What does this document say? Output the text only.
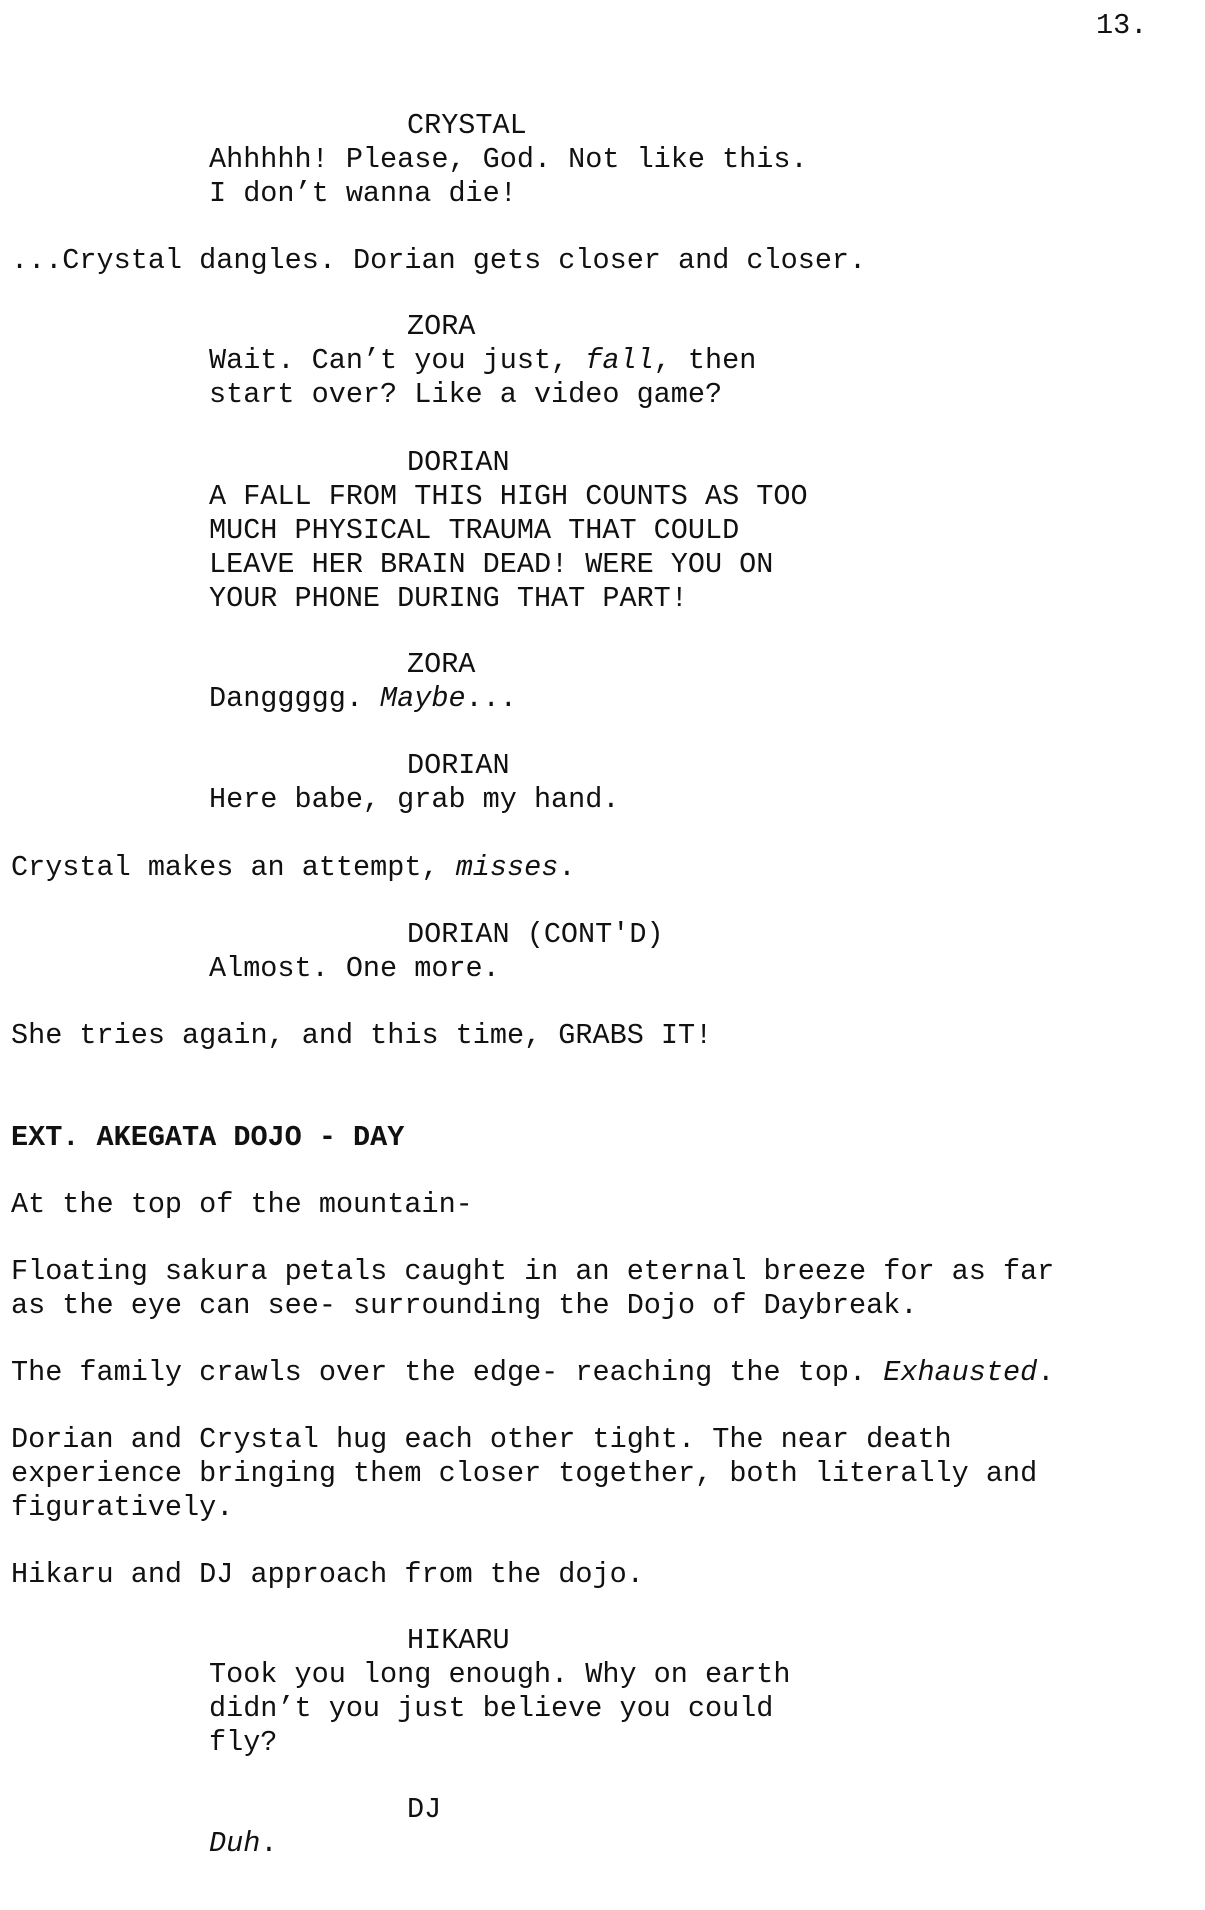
13.
CRYSTAL
Ahhhhh! Please, God. Not like this.
I don’t wanna die!
...Crystal dangles. Dorian gets closer and closer.
ZORA
Wait. Can’t you just, fall, then
start over? Like a video game?
DORIAN
A FALL FROM THIS HIGH COUNTS AS TOO
MUCH PHYSICAL TRAUMA THAT COULD
LEAVE HER BRAIN DEAD! WERE YOU ON
YOUR PHONE DURING THAT PART!
ZORA
Danggggg. Maybe...
DORIAN
Here babe, grab my hand.
Crystal makes an attempt, misses.
DORIAN (CONT'D)
Almost. One more.
She tries again, and this time, GRABS IT!
EXT. AKEGATA DOJO - DAY
At the top of the mountain-
Floating sakura petals caught in an eternal breeze for as far
as the eye can see- surrounding the Dojo of Daybreak.
The family crawls over the edge- reaching the top. Exhausted.
Dorian and Crystal hug each other tight. The near death
experience bringing them closer together, both literally and
figuratively.
Hikaru and DJ approach from the dojo.
HIKARU
Took you long enough. Why on earth
didn’t you just believe you could
fly?
DJ
Duh.
